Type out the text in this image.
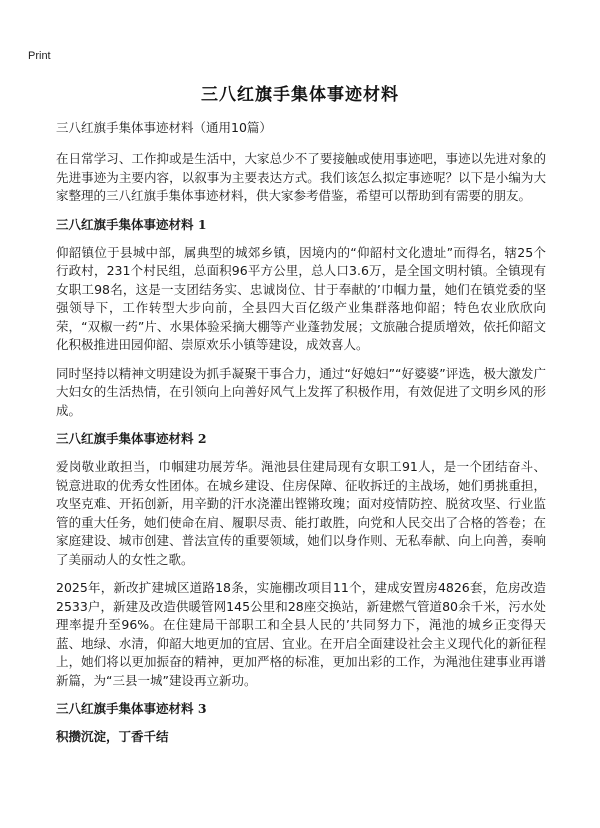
Print
三八红旗手集体事迹材料

三八红旗手集体事迹材料（通用10篇）

在日常学习、工作抑或是生活中，大家总少不了要接触或使用事迹吧，事迹以先进对象的先进事迹为主要内容，以叙事为主要表达方式。我们该怎么拟定事迹呢？以下是小编为大家整理的三八红旗手集体事迹材料，供大家参考借鉴，希望可以帮助到有需要的朋友。

三八红旗手集体事迹材料 1

仰韶镇位于县城中部，属典型的城郊乡镇，因境内的“仰韶村文化遗址”而得名，辖25个行政村，231个村民组，总面积96平方公里，总人口3.6万，是全国文明村镇。全镇现有女职工98名，这是一支团结务实、忠诚岗位、甘于奉献的’巾帼力量，她们在镇党委的坚强领导下，工作转型大步向前，全县四大百亿级产业集群落地仰韶；特色农业欣欣向荣，“双椒一药”片、水果体验采摘大棚等产业蓬勃发展；文旅融合提质增效，依托仰韶文化积极推进田园仰韶、崇原欢乐小镇等建设，成效喜人。

同时坚持以精神文明建设为抓手凝聚干事合力，通过“好媳妇”“好婆婆”评选，极大激发广大妇女的生活热情，在引领向上向善好风气上发挥了积极作用，有效促进了文明乡风的形成。

三八红旗手集体事迹材料 2

爱岗敬业敢担当，巾帼建功展芳华。渑池县住建局现有女职工91人，是一个团结奋斗、锐意进取的优秀女性团体。在城乡建设、住房保障、征收拆迁的主战场，她们勇挑重担，攻坚克难、开拓创新，用辛勤的汗水浇灌出铿锵玫瑰；面对疫情防控、脱贫攻坚、行业监管的重大任务，她们使命在肩、履职尽责、能打敢胜，向党和人民交出了合格的答卷；在家庭建设、城市创建、普法宣传的重要领域，她们以身作则、无私奉献、向上向善，奏响了美丽动人的女性之歌。

2025年，新改扩建城区道路18条，实施棚改项目11个，建成安置房4826套，危房改造2533户，新建及改造供暖管网145公里和28座交换站，新建燃气管道80余千米，污水处理率提升至96%。在住建局干部职工和全县人民的’共同努力下，渑池的城乡正变得天蓝、地绿、水清，仰韶大地更加的宜居、宜业。在开启全面建设社会主义现代化的新征程上，她们将以更加振奋的精神，更加严格的标准，更加出彩的工作，为渑池住建事业再谱新篇，为“三县一城”建设再立新功。

三八红旗手集体事迹材料 3
积攒沉淀，丁香千结
